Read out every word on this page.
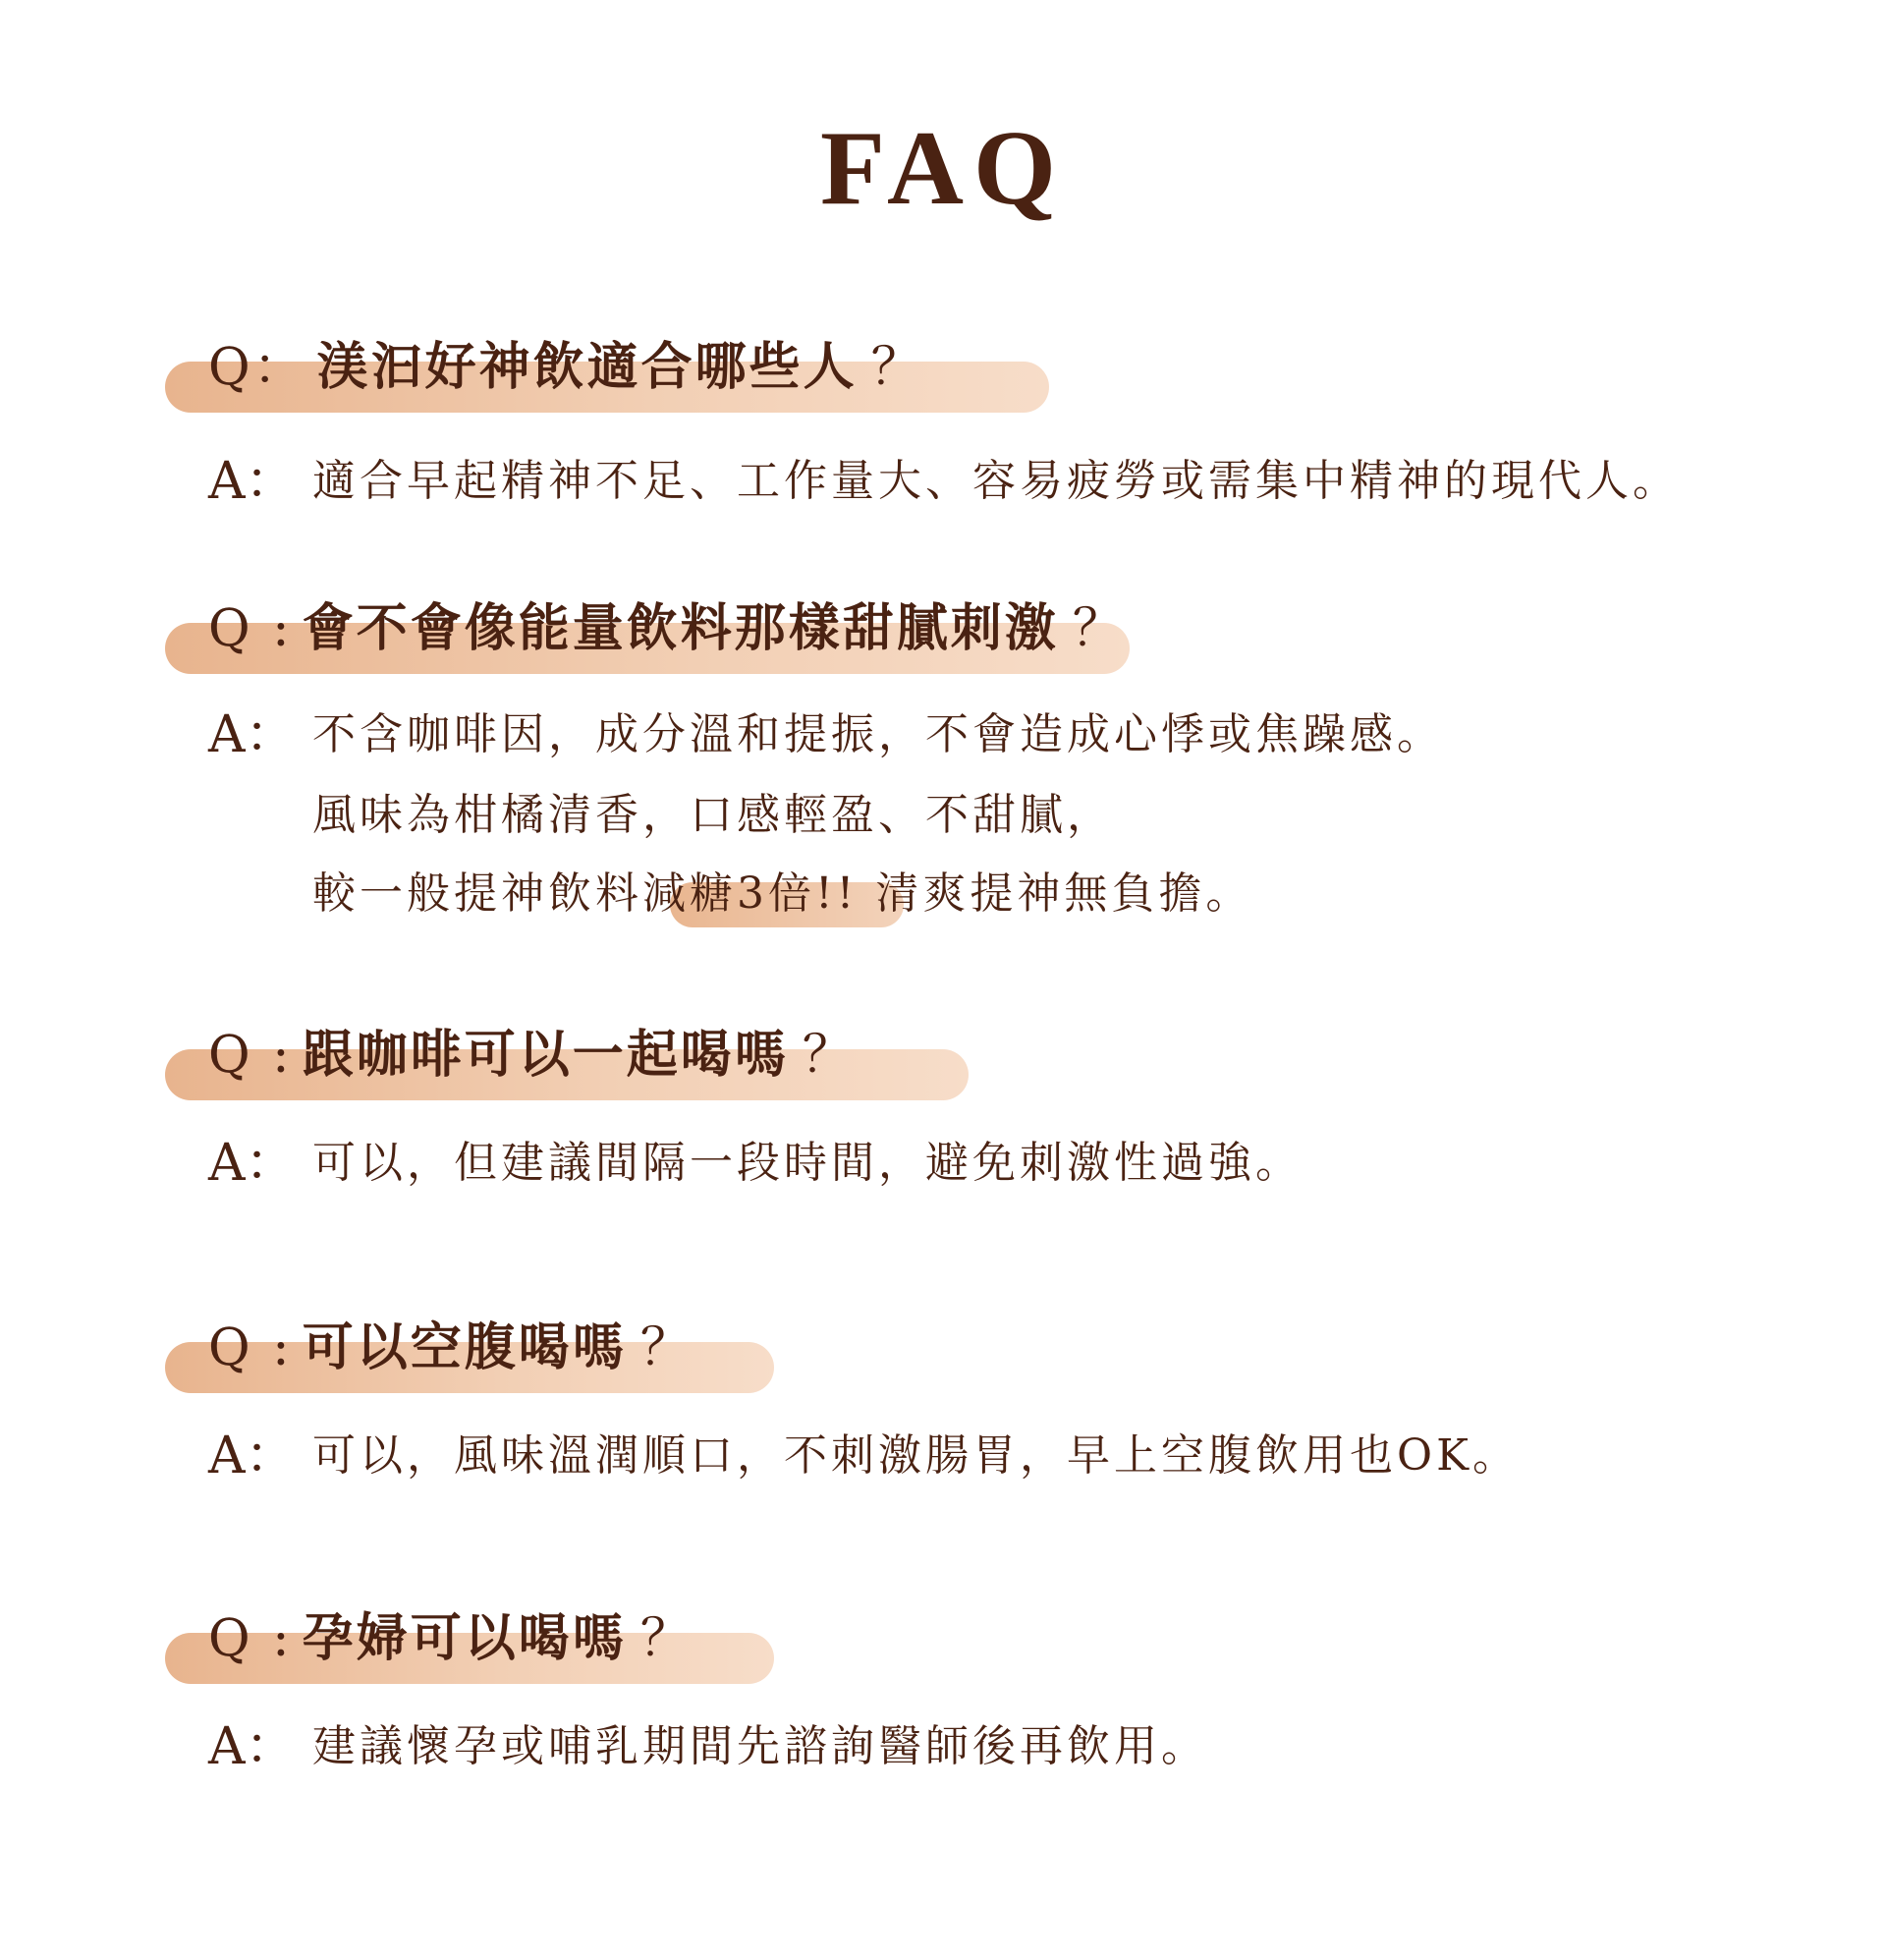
FAQ
Q： 渼汩好神飲適合哪些人 ？
A： 適合早起精神不足、工作量大、容易疲勞或需集中精神的現代人。
Q : 會不會像能量飲料那樣甜膩刺激 ？
A： 不含咖啡因，成分溫和提振，不會造成心悸或焦躁感。
風味為柑橘清香，口感輕盈、不甜膩，
較一般提神飲料減糖3倍!! 清爽提神無負擔。
Q : 跟咖啡可以一起喝嗎 ？
A： 可以，但建議間隔一段時間，避免刺激性過強。
Q : 可以空腹喝嗎 ？
A： 可以，風味溫潤順口，不刺激腸胃，早上空腹飲用也OK。
Q : 孕婦可以喝嗎 ？
A： 建議懷孕或哺乳期間先諮詢醫師後再飲用。
